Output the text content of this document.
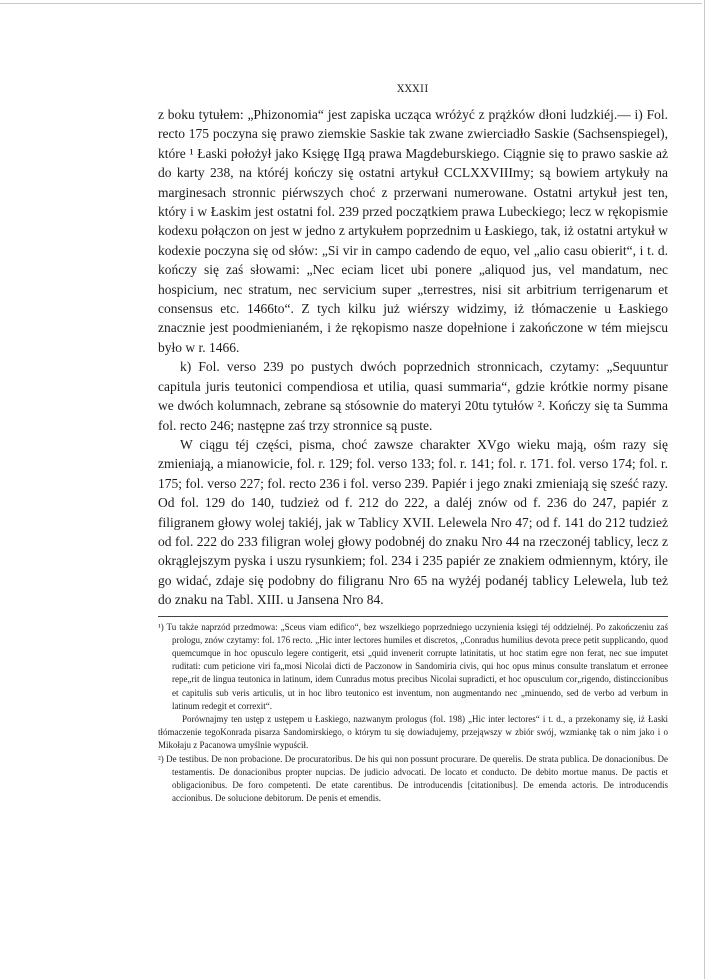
XXXII

z boku tytułem: „Phizonomia“ jest zapiska ucząca wróżyć z prążków dłoni ludzkiéj.— i) Fol. recto 175 poczyna się prawo ziemskie Saskie tak zwane zwierciadło Saskie (Sachsenspiegel), które ¹ Łaski położył jako Księgę IIgą prawa Magdeburskiego. Ciągnie się to prawo saskie aż do karty 238, na któréj kończy się ostatni artykuł CCLXXVIIImy; są bowiem artykuły na marginesach stronnic piérwszych choć z przerwani numerowane. Ostatni artykuł jest ten, który i w Łaskim jest ostatni fol. 239 przed początkiem prawa Lubeckiego; lecz w rękopismie kodexu połączon on jest w jedno z artykułem poprzednim u Łaskiego, tak, iż ostatni artykuł w kodexie poczyna się od słów: „Si vir in campo cadendo de equo, vel „alio casu obierit“, i t. d. kończy się zaś słowami: „Nec eciam licet ubi ponere „aliquod jus, vel mandatum, nec hospicium, nec stratum, nec servicium super „terrestres, nisi sit arbitrium terrigenarum et consensus etc. 1466to“. Z tych kilku już wiérszy widzimy, iż tłómaczenie u Łaskiego znacznie jest poodmienianém, i że rękopismo nasze dopełnione i zakończone w tém miejscu było w r. 1466.

k) Fol. verso 239 po pustych dwóch poprzednich stronnicach, czytamy: „Sequuntur capitula juris teutonici compendiosa et utilia, quasi summaria“, gdzie krótkie normy pisane we dwóch kolumnach, zebrane są stósownie do materyi 20tu tytułów ². Kończy się ta Summa fol. recto 246; następne zaś trzy stronnice są puste.

W ciągu téj części, pisma, choć zawsze charakter XVgo wieku mają, ośm razy się zmieniają, a mianowicie, fol. r. 129; fol. verso 133; fol. r. 141; fol. r. 171. fol. verso 174; fol. r. 175; fol. verso 227; fol. recto 236 i fol. verso 239. Papiér i jego znaki zmieniają się sześć razy. Od fol. 129 do 140, tudzież od f. 212 do 222, a daléj znów od f. 236 do 247, papiér z filigranem głowy wolej takiéj, jak w Tablicy XVII. Lelewela Nro 47; od f. 141 do 212 tudzież od fol. 222 do 233 filigran wolej głowy podobnéj do znaku Nro 44 na rzeczonéj tablicy, lecz z okrąglejszym pyska i uszu rysunkiem; fol. 234 i 235 papiér ze znakiem odmiennym, który, ile go widać, zdaje się podobny do filigranu Nro 65 na wyżéj podanéj tablicy Lelewela, lub też do znaku na Tabl. XIII. u Jansena Nro 84.

¹) Tu także naprzód przedmowa: „Sceus viam edifico“, bez wszelkiego poprzedniego uczynienia księgi téj oddzielnéj. Po zakończeniu zaś prologu, znów czytamy: fol. 176 recto. „Hic inter lectores humiles et discretos, „Conradus humilius devota prece petit supplicando, quod quemcumque in hoc opusculo legere contigerit, etsi „quid invenerit corrupte latinitatis, ut hoc statim egre non ferat, nec sue imputet ruditati: cum peticione viri fa„mosi Nicolai dicti de Paczonow in Sandomiria civis, qui hoc opus minus consulte translatum et erronee repe„rit de lingua teutonica in latinum, idem Cunradus motus precibus Nicolai supradicti, et hoc opusculum cor„rigendo, distinccionibus et capitulis sub veris articulis, ut in hoc libro teutonico est inventum, non augmentando nec „minuendo, sed de verbo ad verbum in latinum redegit et correxit“.

Porównajmy ten ustęp z ustępem u Łaskiego, nazwanym prologus (fol. 198) „Hic inter lectores“ i t. d., a przekonamy się, iż Łaski tłómaczenie tegoKonrada pisarza Sandomirskiego, o którym tu się dowiadujemy, przejąwszy w zbiór swój, wzmiankę tak o nim jako i o Mikołaju z Pacanowa umyślnie wypuścił.

²) De testibus. De non probacione. De procuratoribus. De his qui non possunt procurare. De querelis. De strata publica. De donacionibus. De testamentis. De donacionibus propter nupcias. De judicio advocati. De locato et conducto. De debito mortue manus. De pactis et obligacionibus. De foro competenti. De etate carentibus. De introducendis [citationibus]. De emenda actoris. De introducendis accionibus. De solucione debitorum. De penis et emendis.
